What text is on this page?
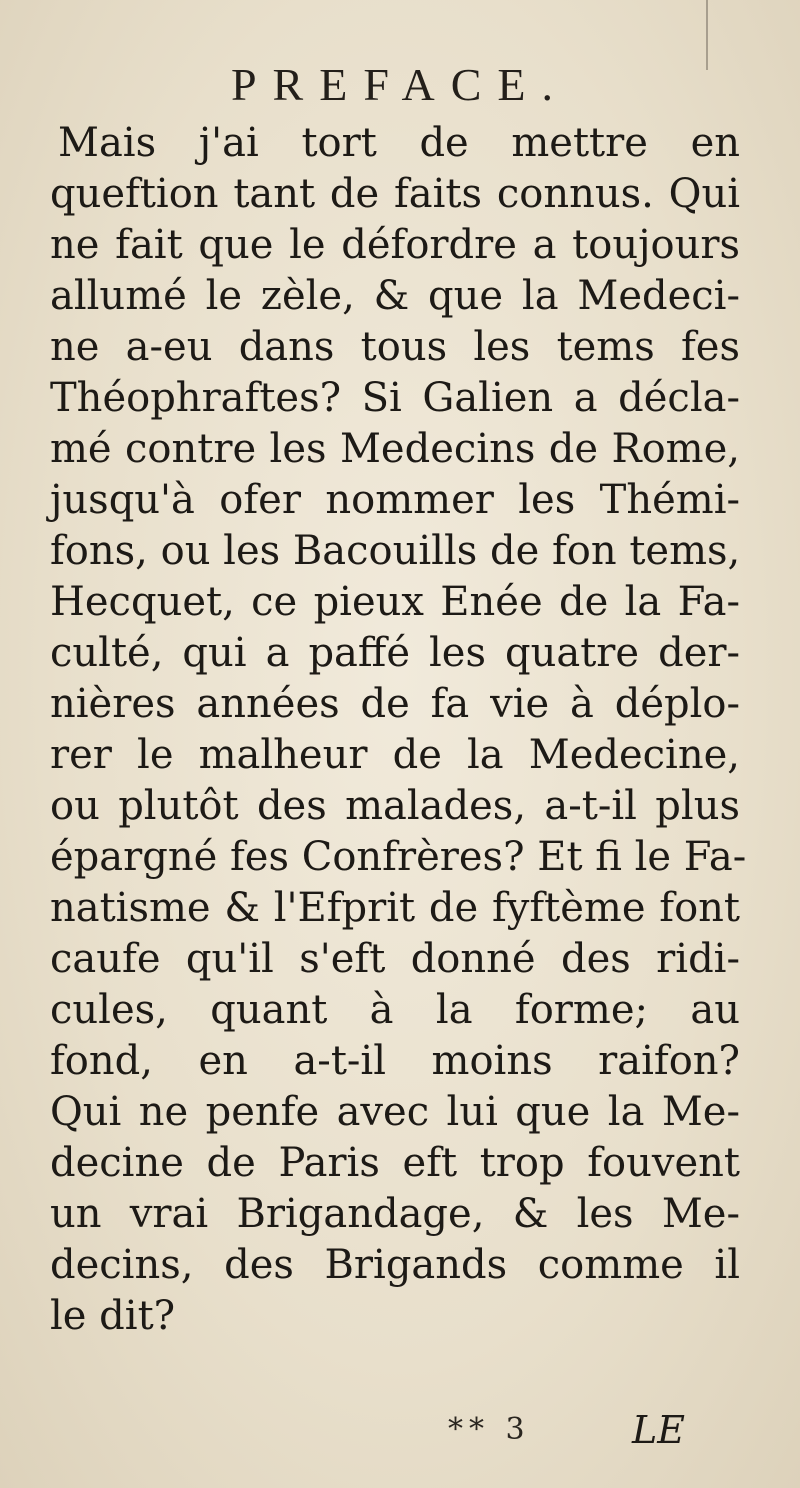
PREFACE.
Mais j'ai tort de mettre en
queftion tant de faits connus. Qui
ne fait que le défordre a toujours
allumé le zèle, & que la Medeci-
ne a-eu dans tous les tems fes
Théophraftes? Si Galien a décla-
mé contre les Medecins de Rome,
jusqu'à ofer nommer les Thémi-
fons, ou les Bacouills de fon tems,
Hecquet, ce pieux Enée de la Fa-
culté, qui a paffé les quatre der-
nières années de fa vie à déplo-
rer le malheur de la Medecine,
ou plutôt des malades, a-t-il plus
épargné fes Confrères? Et fi le Fa-
natisme & l'Efprit de fyftème font
caufe qu'il s'eft donné des ridi-
cules, quant à la forme; au
fond, en a-t-il moins raifon?
Qui ne penfe avec lui que la Me-
decine de Paris eft trop fouvent
un vrai Brigandage, & les Me-
decins, des Brigands comme il
le dit?
** 3	LE
